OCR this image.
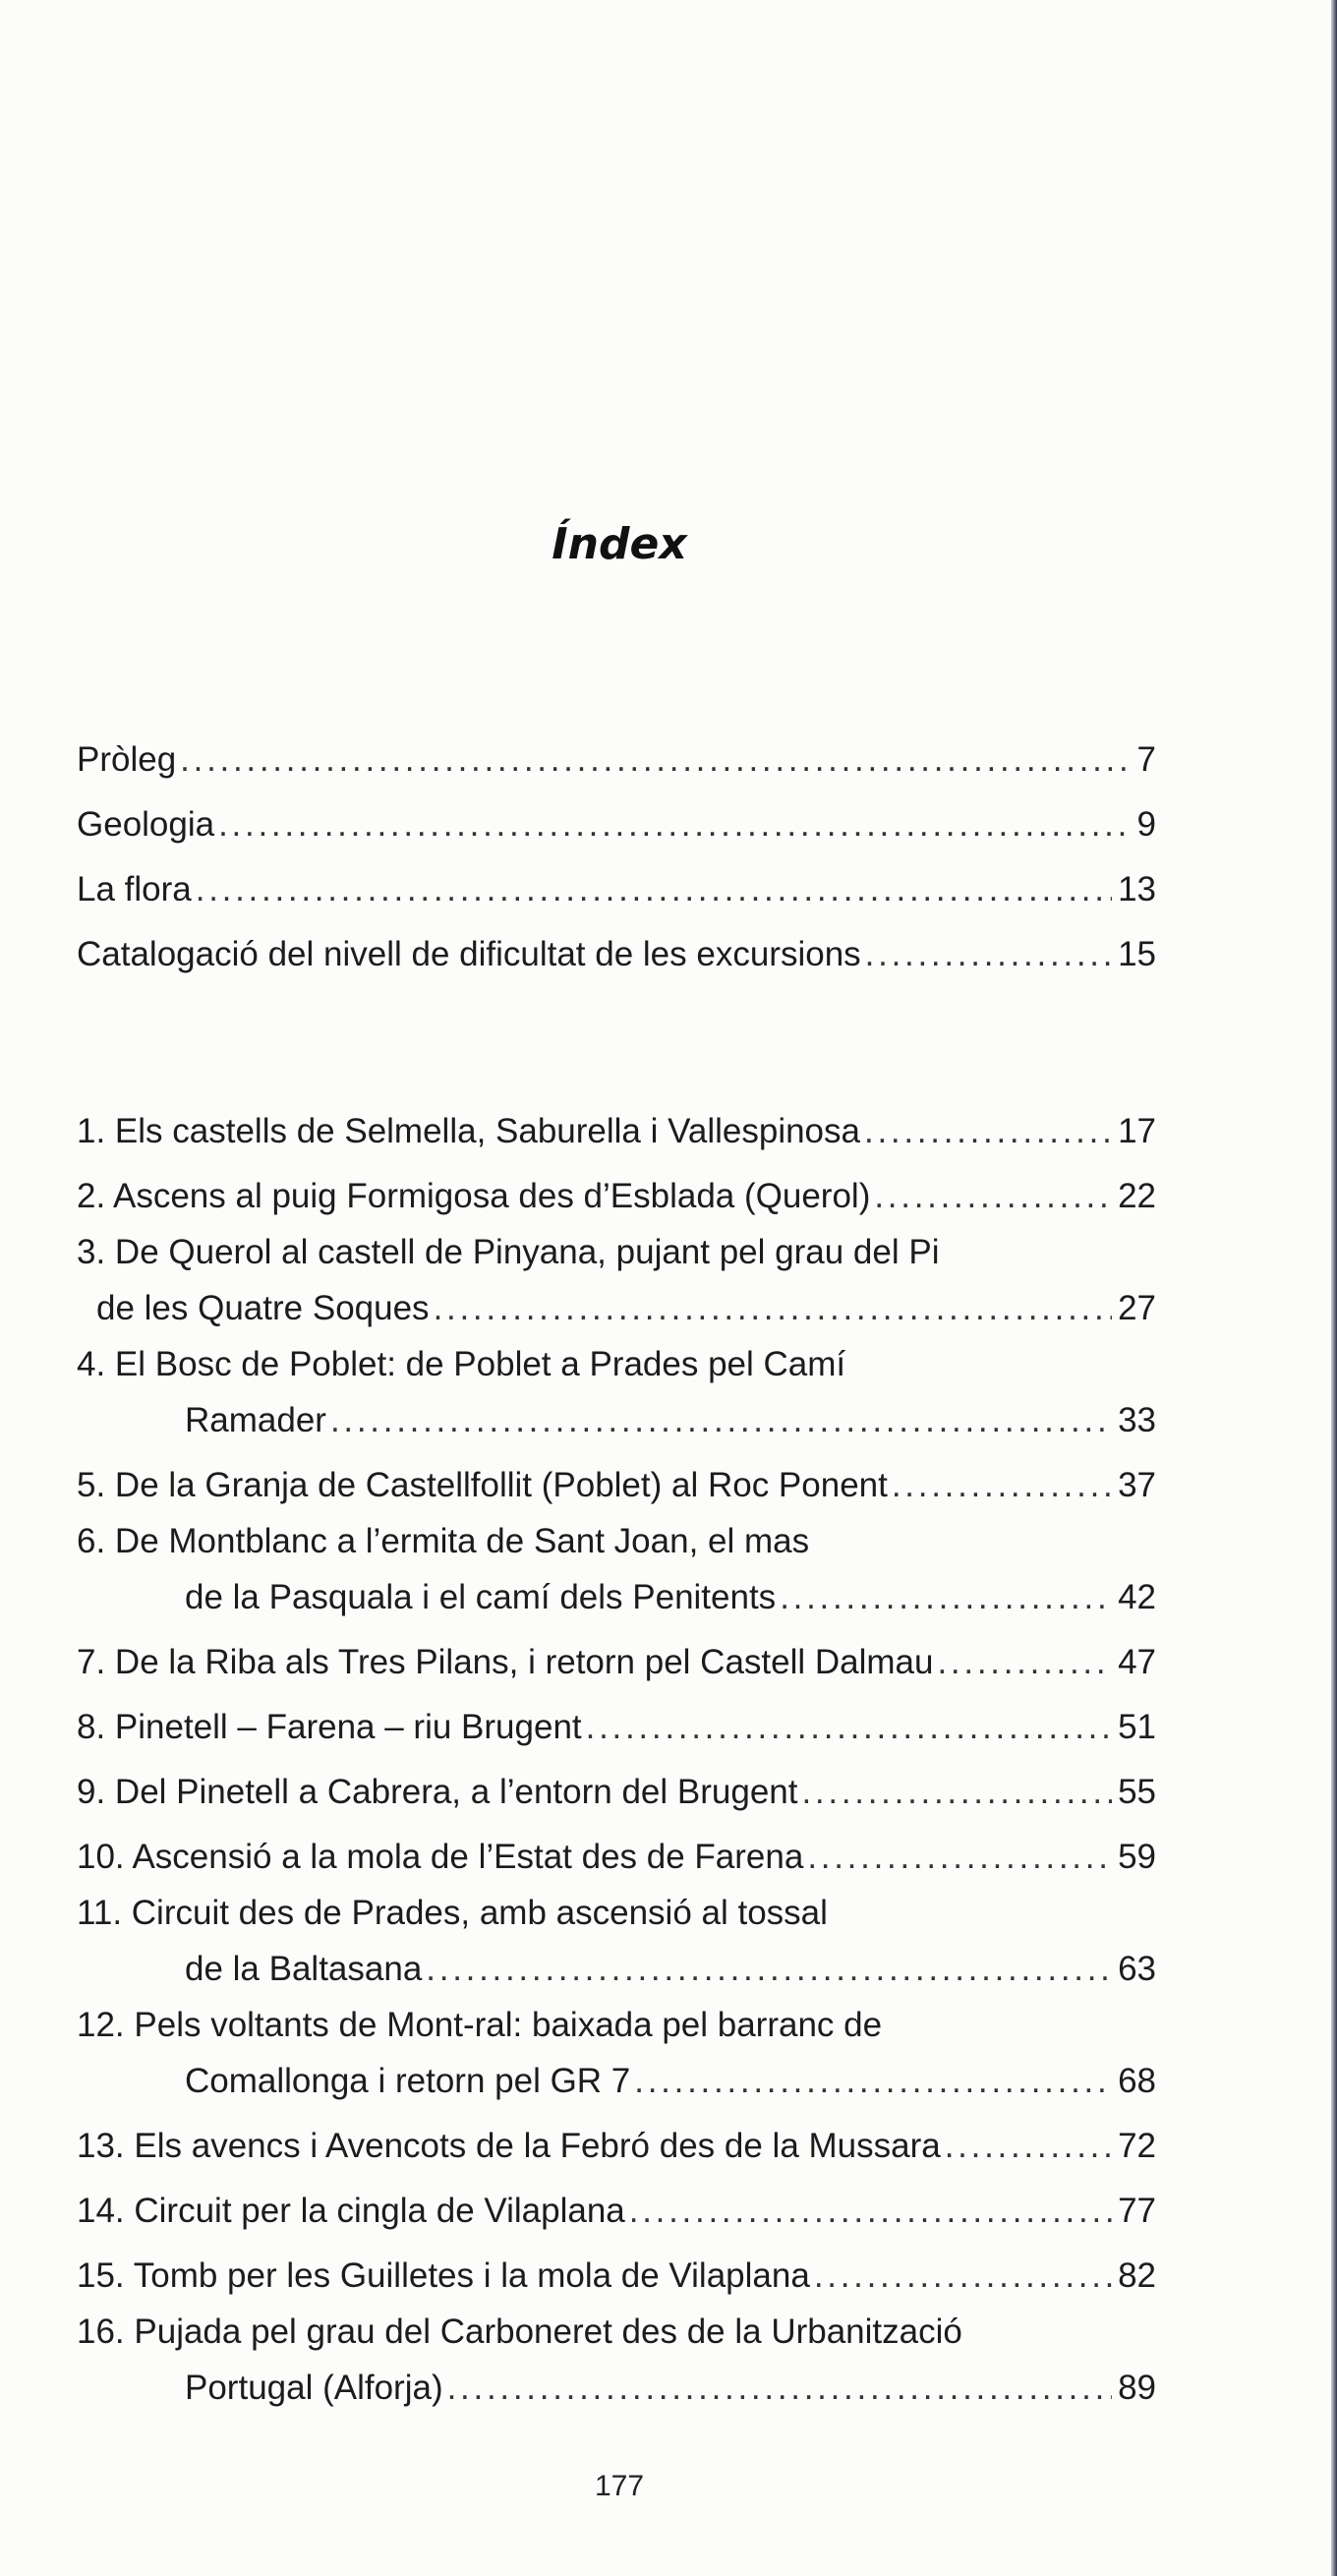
Índex
Pròleg . . .	7
Geologia . . .	9
La flora . . .	13
Catalogació del nivell de dificultat de les excursions . . .	15
1. Els castells de Selmella, Saburella i Vallespinosa . . .	17
2. Ascens al puig Formigosa des d’Esblada (Querol) . . .	22
3. De Querol al castell de Pinyana, pujant pel grau del Pi
de les Quatre Soques . . .	27
4. El Bosc de Poblet: de Poblet a Prades pel Camí
Ramader . . .	33
5. De la Granja de Castellfollit (Poblet) al Roc Ponent . . .	37
6. De Montblanc a l’ermita de Sant Joan, el mas
de la Pasquala i el camí dels Penitents . . .	42
7. De la Riba als Tres Pilans, i retorn pel Castell Dalmau . . .	47
8. Pinetell – Farena – riu Brugent . . .	51
9. Del Pinetell a Cabrera, a l’entorn del Brugent . . .	55
10. Ascensió a la mola de l’Estat des de Farena . . .	59
11. Circuit des de Prades, amb ascensió al tossal
de la Baltasana . . .	63
12. Pels voltants de Mont-ral: baixada pel barranc de
Comallonga i retorn pel GR 7 . . .	68
13. Els avencs i Avencots de la Febró des de la Mussara . . .	72
14. Circuit per la cingla de Vilaplana . . .	77
15. Tomb per les Guilletes i la mola de Vilaplana . . .	82
16. Pujada pel grau del Carboneret des de la Urbanització
Portugal (Alforja) . . .	89
177
